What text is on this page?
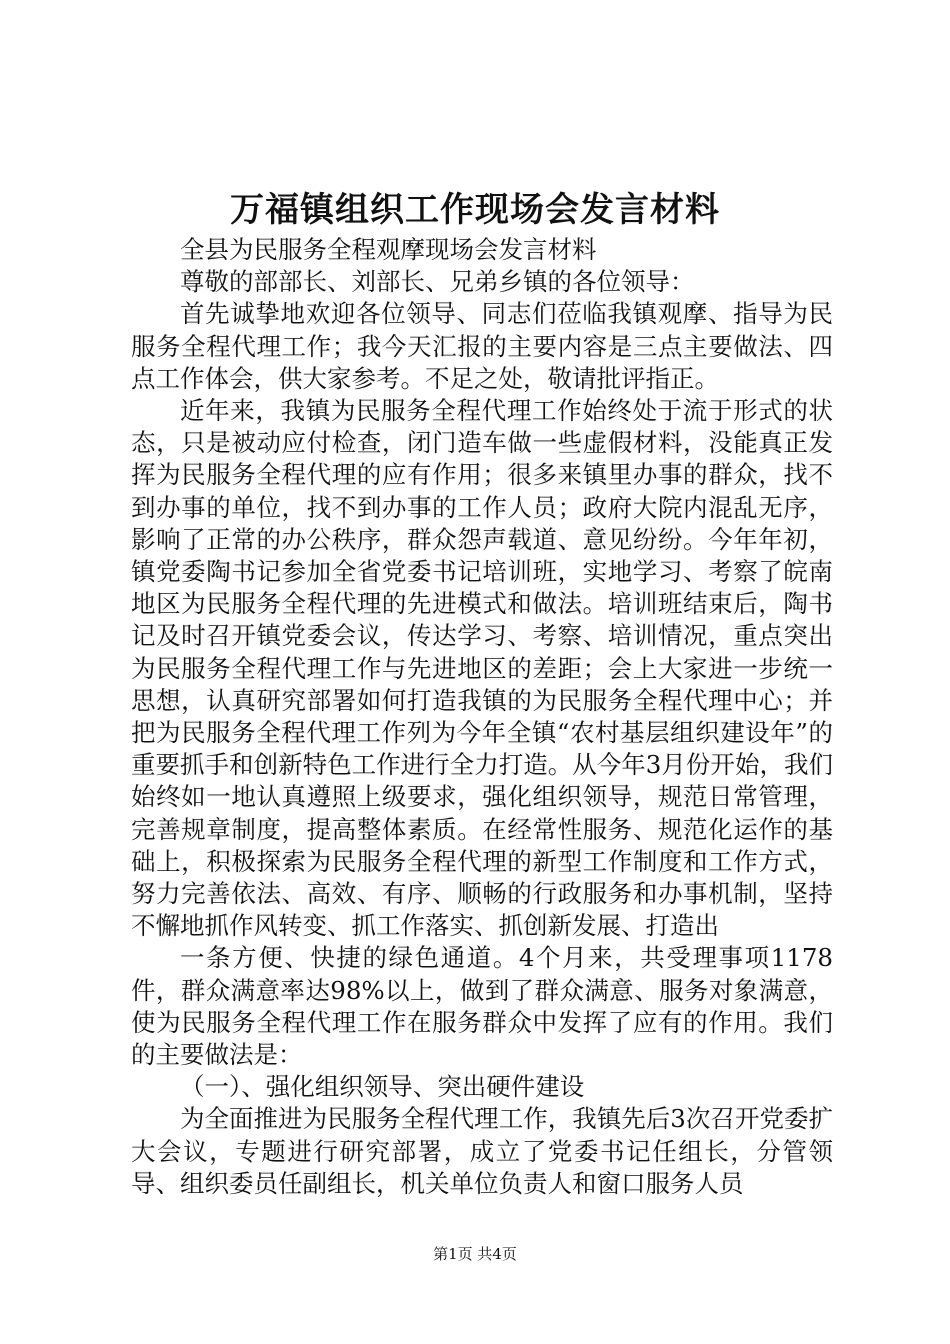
万福镇组织工作现场会发言材料

全县为民服务全程观摩现场会发言材料

尊敬的部部长、刘部长、兄弟乡镇的各位领导：

首先诚挚地欢迎各位领导、同志们莅临我镇观摩、指导为民服务全程代理工作；我今天汇报的主要内容是三点主要做法、四点工作体会，供大家参考。不足之处，敬请批评指正。

近年来，我镇为民服务全程代理工作始终处于流于形式的状态，只是被动应付检查，闭门造车做一些虚假材料，没能真正发挥为民服务全程代理的应有作用；很多来镇里办事的群众，找不到办事的单位，找不到办事的工作人员；政府大院内混乱无序，影响了正常的办公秩序，群众怨声载道、意见纷纷。今年年初，镇党委陶书记参加全省党委书记培训班，实地学习、考察了皖南地区为民服务全程代理的先进模式和做法。培训班结束后，陶书记及时召开镇党委会议，传达学习、考察、培训情况，重点突出为民服务全程代理工作与先进地区的差距；会上大家进一步统一思想，认真研究部署如何打造我镇的为民服务全程代理中心；并把为民服务全程代理工作列为今年全镇“农村基层组织建设年”的重要抓手和创新特色工作进行全力打造。从今年3月份开始，我们始终如一地认真遵照上级要求，强化组织领导，规范日常管理，完善规章制度，提高整体素质。在经常性服务、规范化运作的基础上，积极探索为民服务全程代理的新型工作制度和工作方式，努力完善依法、高效、有序、顺畅的行政服务和办事机制，坚持不懈地抓作风转变、抓工作落实、抓创新发展、打造出

一条方便、快捷的绿色通道。4个月来，共受理事项1178件，群众满意率达98%以上，做到了群众满意、服务对象满意，使为民服务全程代理工作在服务群众中发挥了应有的作用。我们的主要做法是：

（一）、强化组织领导、突出硬件建设

为全面推进为民服务全程代理工作，我镇先后3次召开党委扩大会议，专题进行研究部署，成立了党委书记任组长，分管领导、组织委员任副组长，机关单位负责人和窗口服务人员

第1页 共4页
